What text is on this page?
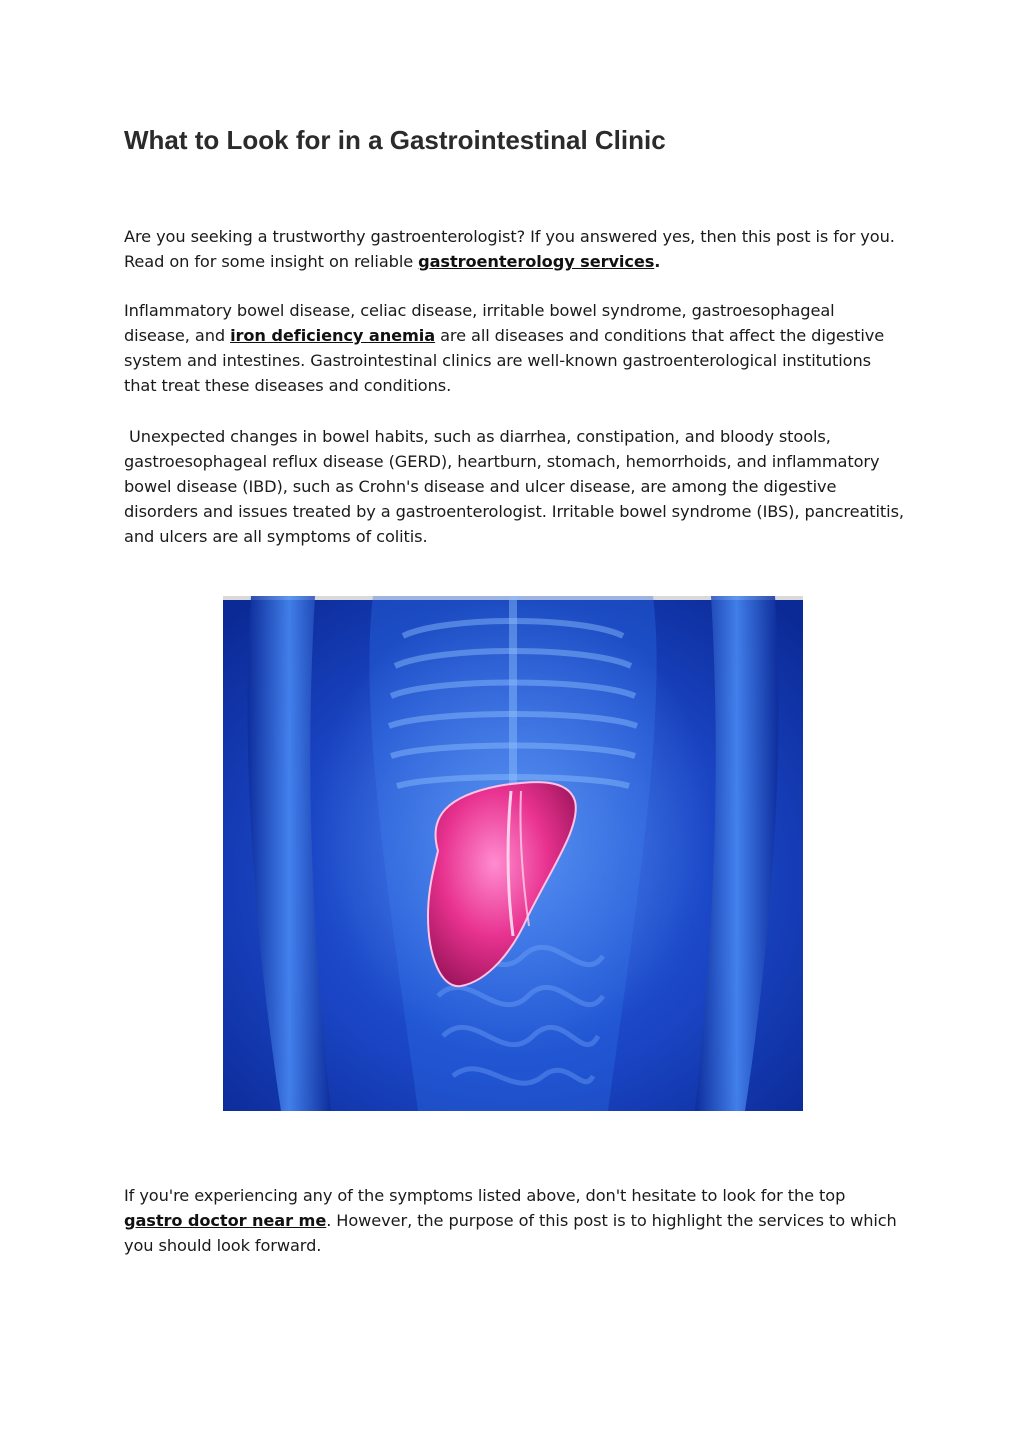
What to Look for in a Gastrointestinal Clinic

Are you seeking a trustworthy gastroenterologist? If you answered yes, then this post is for you. Read on for some insight on reliable gastroenterology services.

Inflammatory bowel disease, celiac disease, irritable bowel syndrome, gastroesophageal disease, and iron deficiency anemia are all diseases and conditions that affect the digestive system and intestines. Gastrointestinal clinics are well-known gastroenterological institutions that treat these diseases and conditions.

Unexpected changes in bowel habits, such as diarrhea, constipation, and bloody stools, gastroesophageal reflux disease (GERD), heartburn, stomach, hemorrhoids, and inflammatory bowel disease (IBD), such as Crohn's disease and ulcer disease, are among the digestive disorders and issues treated by a gastroenterologist. Irritable bowel syndrome (IBS), pancreatitis, and ulcers are all symptoms of colitis.

If you're experiencing any of the symptoms listed above, don't hesitate to look for the top gastro doctor near me. However, the purpose of this post is to highlight the services to which you should look forward.
